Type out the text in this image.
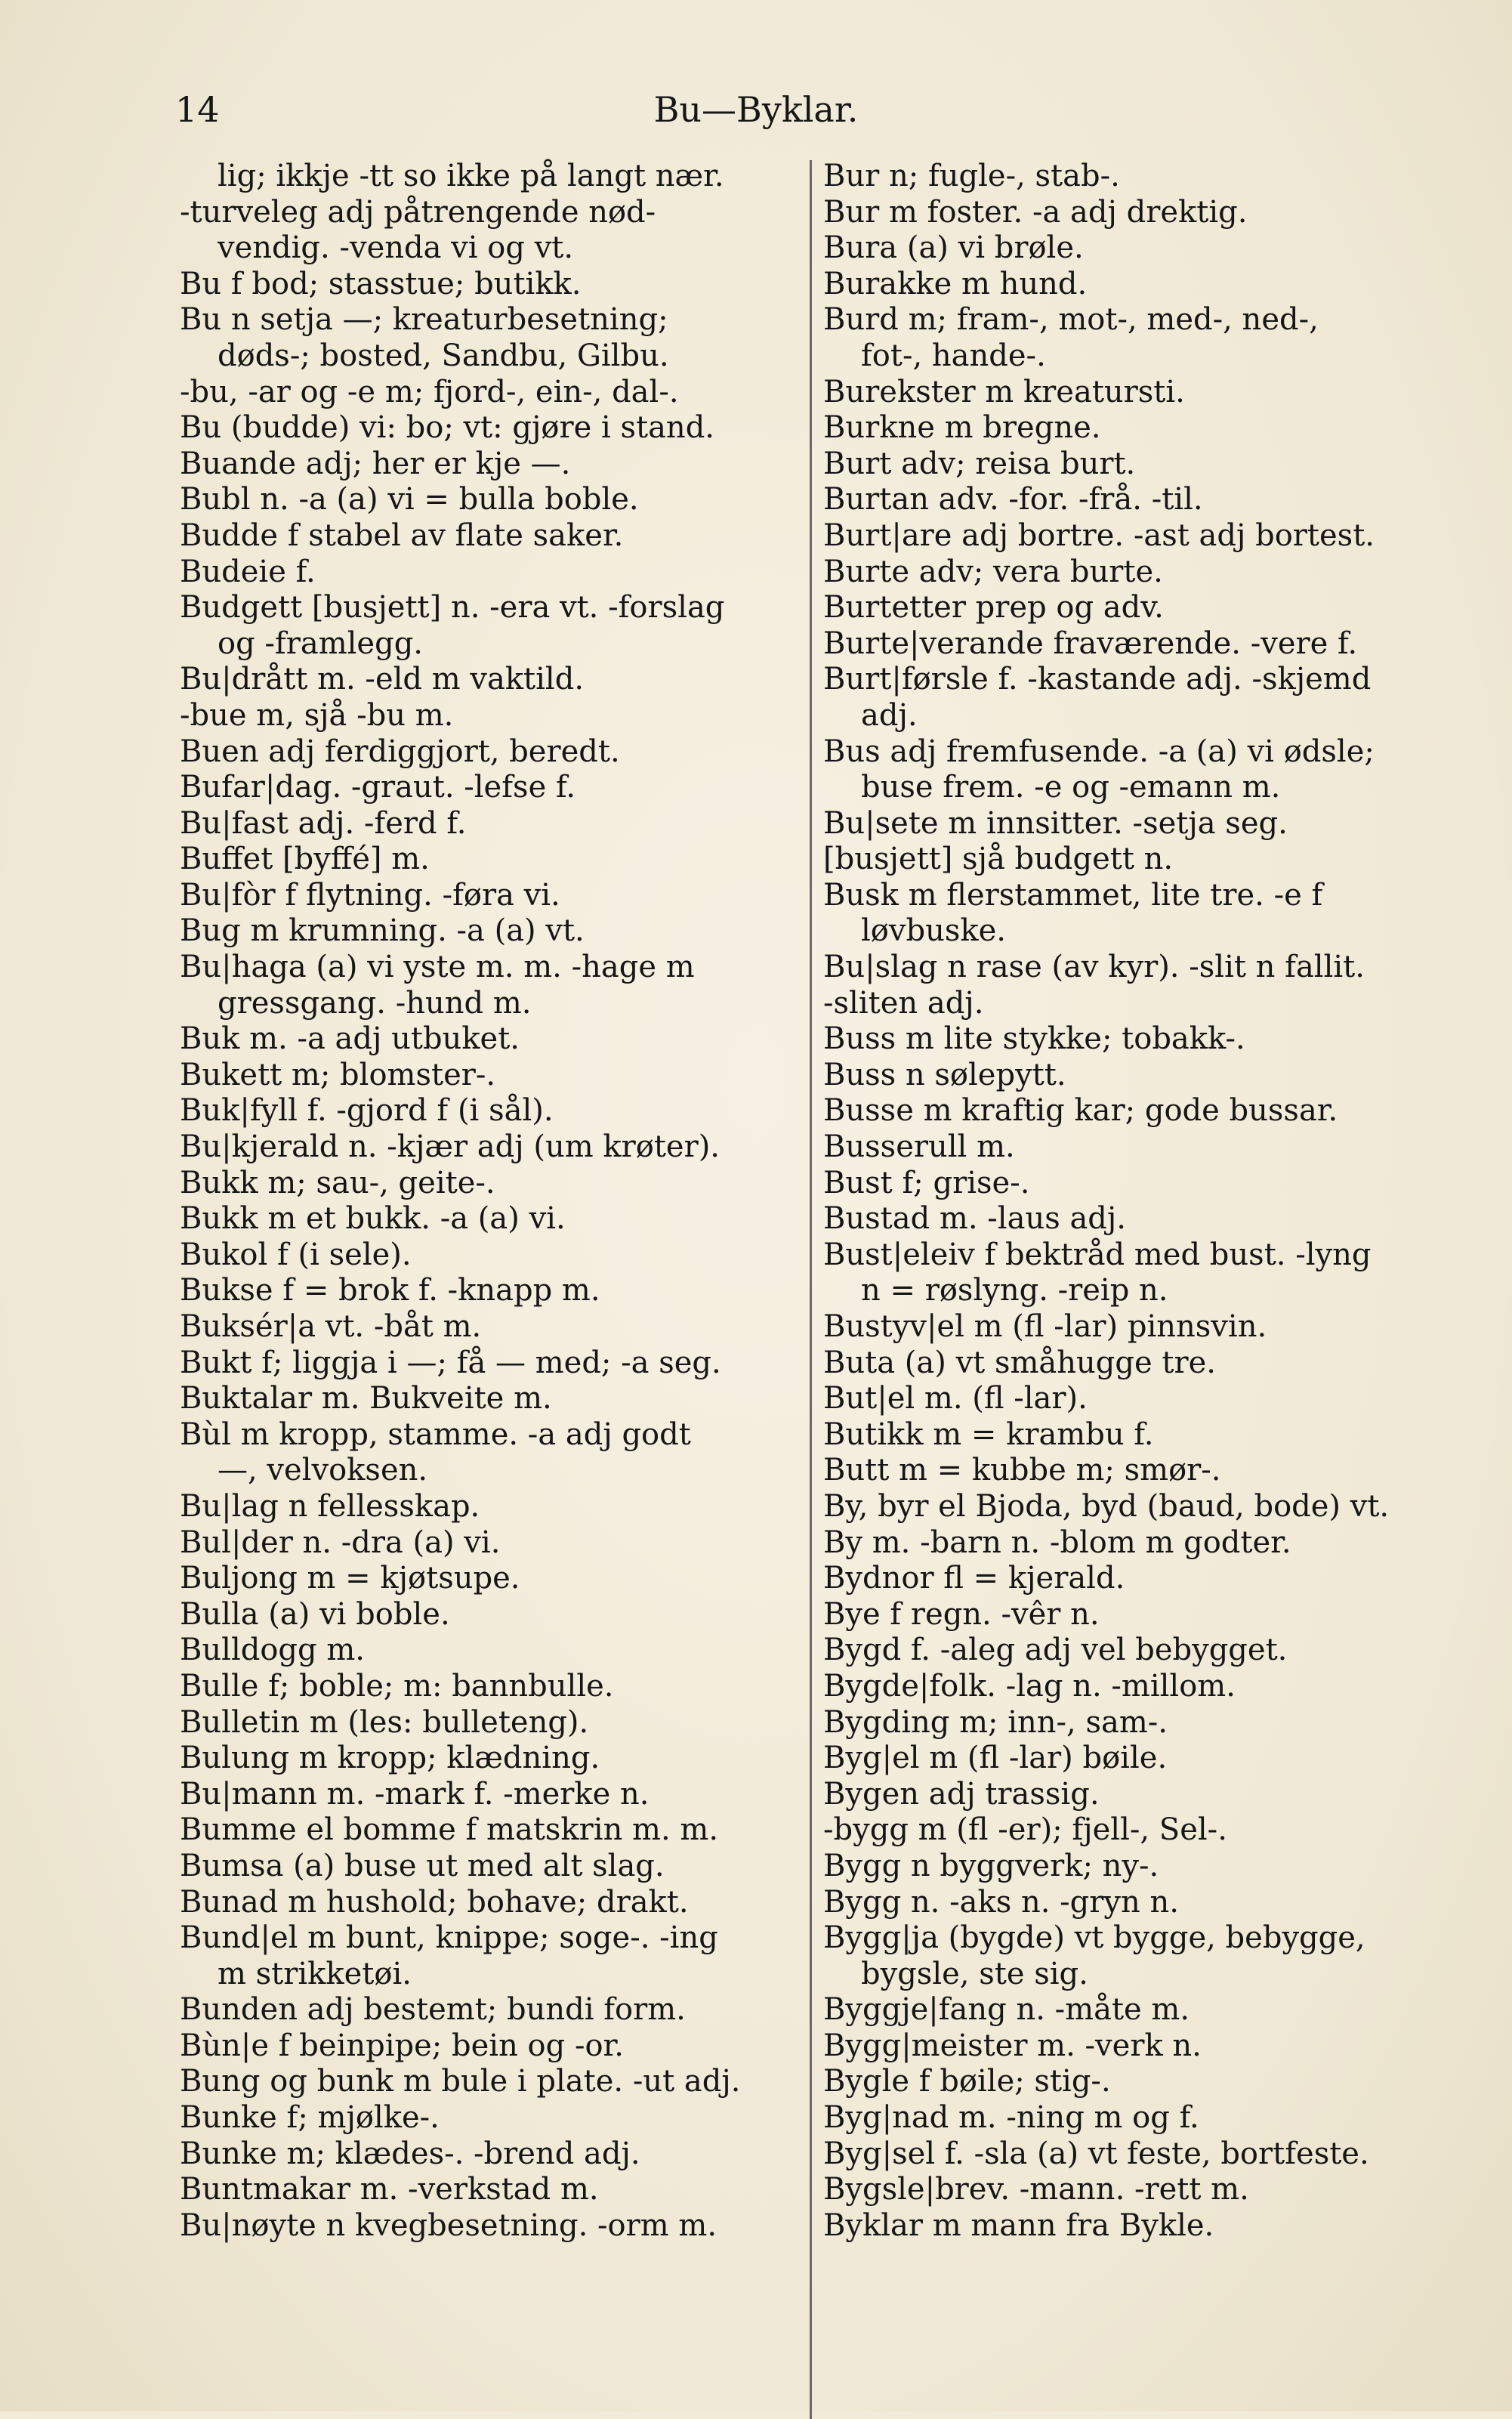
14	Bu—Byklar.
lig; ikkje -tt so ikke på langt nær.
-turveleg adj påtrengende nød-
vendig. -venda vi og vt.
Bu f bod; stasstue; butikk.
Bu n setja —; kreaturbesetning;
døds-; bosted, Sandbu, Gilbu.
-bu, -ar og -e m; fjord-, ein-, dal-.
Bu (budde) vi: bo; vt: gjøre i stand.
Buande adj; her er kje —.
Bubl n. -a (a) vi = bulla boble.
Budde f stabel av flate saker.
Budeie f.
Budgett [busjett] n. -era vt. -forslag
og -framlegg.
Bu|drått m. -eld m vaktild.
-bue m, sjå -bu m.
Buen adj ferdiggjort, beredt.
Bufar|dag. -graut. -lefse f.
Bu|fast adj. -ferd f.
Buffet [byffé] m.
Bu|fòr f flytning. -føra vi.
Bug m krumning. -a (a) vt.
Bu|haga (a) vi yste m. m. -hage m
gressgang. -hund m.
Buk m. -a adj utbuket.
Bukett m; blomster-.
Buk|fyll f. -gjord f (i sål).
Bu|kjerald n. -kjær adj (um krøter).
Bukk m; sau-, geite-.
Bukk m et bukk. -a (a) vi.
Bukol f (i sele).
Bukse f = brok f. -knapp m.
Buksér|a vt. -båt m.
Bukt f; liggja i —; få — med; -a seg.
Buktalar m. Bukveite m.
Bùl m kropp, stamme. -a adj godt
—, velvoksen.
Bu|lag n fellesskap.
Bul|der n. -dra (a) vi.
Buljong m = kjøtsupe.
Bulla (a) vi boble.
Bulldogg m.
Bulle f; boble; m: bannbulle.
Bulletin m (les: bulleteng).
Bulung m kropp; klædning.
Bu|mann m. -mark f. -merke n.
Bumme el bomme f matskrin m. m.
Bumsa (a) buse ut med alt slag.
Bunad m hushold; bohave; drakt.
Bund|el m bunt, knippe; soge-. -ing
m strikketøi.
Bunden adj bestemt; bundi form.
Bùn|e f beinpipe; bein og -or.
Bung og bunk m bule i plate. -ut adj.
Bunke f; mjølke-.
Bunke m; klædes-. -brend adj.
Buntmakar m. -verkstad m.
Bu|nøyte n kvegbesetning. -orm m.
Bur n; fugle-, stab-.
Bur m foster. -a adj drektig.
Bura (a) vi brøle.
Burakke m hund.
Burd m; fram-, mot-, med-, ned-,
fot-, hande-.
Burekster m kreatursti.
Burkne m bregne.
Burt adv; reisa burt.
Burtan adv. -for. -frå. -til.
Burt|are adj bortre. -ast adj bortest.
Burte adv; vera burte.
Burtetter prep og adv.
Burte|verande fraværende. -vere f.
Burt|førsle f. -kastande adj. -skjemd
adj.
Bus adj fremfusende. -a (a) vi ødsle;
buse frem. -e og -emann m.
Bu|sete m innsitter. -setja seg.
[busjett] sjå budgett n.
Busk m flerstammet, lite tre. -e f
løvbuske.
Bu|slag n rase (av kyr). -slit n fallit.
-sliten adj.
Buss m lite stykke; tobakk-.
Buss n sølepytt.
Busse m kraftig kar; gode bussar.
Busserull m.
Bust f; grise-.
Bustad m. -laus adj.
Bust|eleiv f bektråd med bust. -lyng
n = røslyng. -reip n.
Bustyv|el m (fl -lar) pinnsvin.
Buta (a) vt småhugge tre.
But|el m. (fl -lar).
Butikk m = krambu f.
Butt m = kubbe m; smør-.
By, byr el Bjoda, byd (baud, bode) vt.
By m. -barn n. -blom m godter.
Bydnor fl = kjerald.
Bye f regn. -vêr n.
Bygd f. -aleg adj vel bebygget.
Bygde|folk. -lag n. -millom.
Bygding m; inn-, sam-.
Byg|el m (fl -lar) bøile.
Bygen adj trassig.
-bygg m (fl -er); fjell-, Sel-.
Bygg n byggverk; ny-.
Bygg n. -aks n. -gryn n.
Bygg|ja (bygde) vt bygge, bebygge,
bygsle, ste sig.
Byggje|fang n. -måte m.
Bygg|meister m. -verk n.
Bygle f bøile; stig-.
Byg|nad m. -ning m og f.
Byg|sel f. -sla (a) vt feste, bortfeste.
Bygsle|brev. -mann. -rett m.
Byklar m mann fra Bykle.
